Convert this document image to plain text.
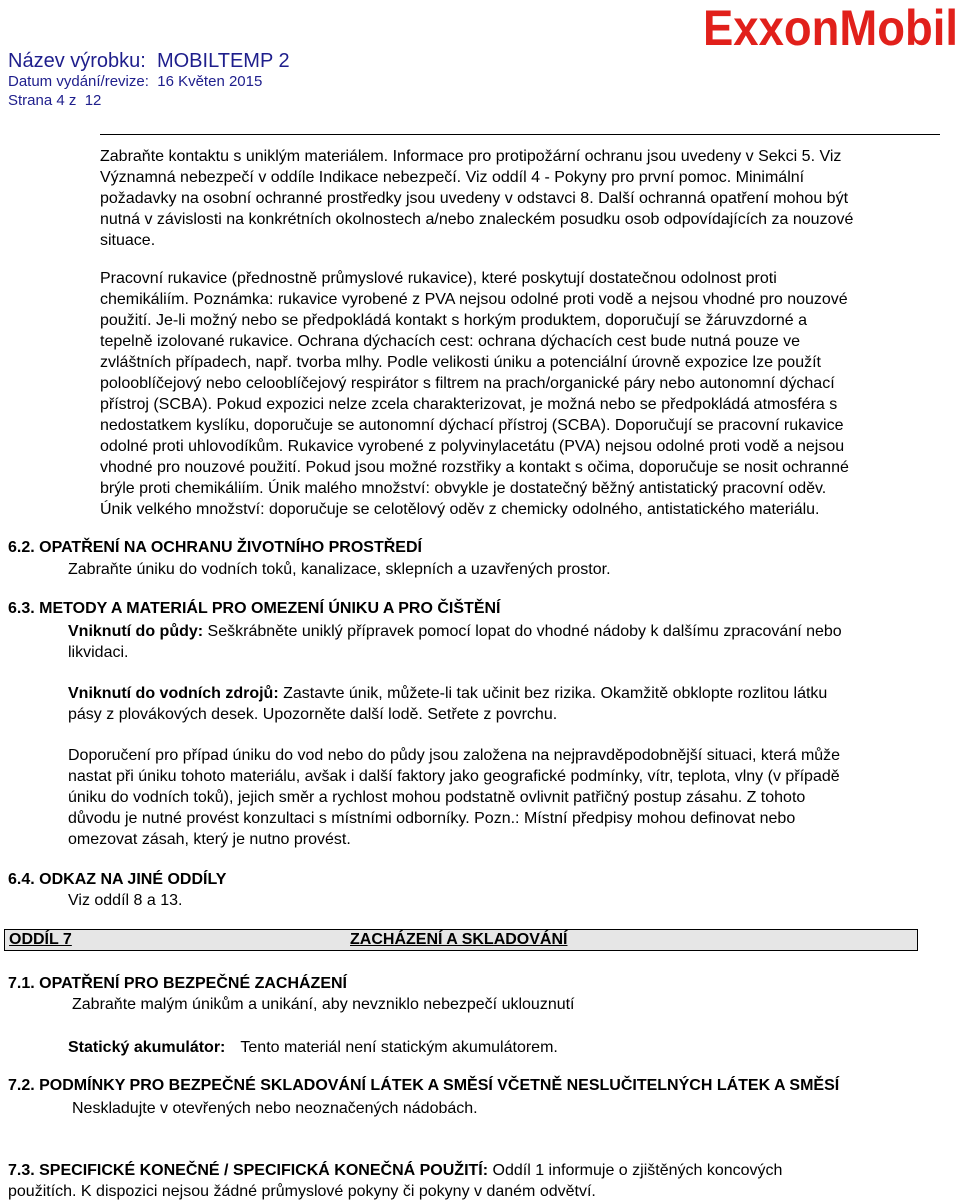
Název výrobku: MOBILTEMP 2
Datum vydání/revize: 16 Květen 2015
Strana 4 z 12
ExxonMobil
Zabraňte kontaktu s uniklým materiálem. Informace pro protipožární ochranu jsou uvedeny v Sekci 5. Viz
Významná nebezpečí v oddíle Indikace nebezpečí. Viz oddíl 4 - Pokyny pro první pomoc. Minimální
požadavky na osobní ochranné prostředky jsou uvedeny v odstavci 8. Další ochranná opatření mohou být
nutná v závislosti na konkrétních okolnostech a/nebo znaleckém posudku osob odpovídajících za nouzové
situace.
Pracovní rukavice (přednostně průmyslové rukavice), které poskytují dostatečnou odolnost proti
chemikáliím. Poznámka: rukavice vyrobené z PVA nejsou odolné proti vodě a nejsou vhodné pro nouzové
použití. Je-li možný nebo se předpokládá kontakt s horkým produktem, doporučují se žáruvzdorné a
tepelně izolované rukavice. Ochrana dýchacích cest: ochrana dýchacích cest bude nutná pouze ve
zvláštních případech, např. tvorba mlhy. Podle velikosti úniku a potenciální úrovně expozice lze použít
polooblíčejový nebo celooblíčejový respirátor s filtrem na prach/organické páry nebo autonomní dýchací
přístroj (SCBA). Pokud expozici nelze zcela charakterizovat, je možná nebo se předpokládá atmosféra s
nedostatkem kyslíku, doporučuje se autonomní dýchací přístroj (SCBA). Doporučují se pracovní rukavice
odolné proti uhlovodíkům. Rukavice vyrobené z polyvinylacetátu (PVA) nejsou odolné proti vodě a nejsou
vhodné pro nouzové použití. Pokud jsou možné rozstřiky a kontakt s očima, doporučuje se nosit ochranné
brýle proti chemikáliím. Únik malého množství: obvykle je dostatečný běžný antistatický pracovní oděv.
Únik velkého množství: doporučuje se celotělový oděv z chemicky odolného, antistatického materiálu.
6.2. OPATŘENÍ NA OCHRANU ŽIVOTNÍHO PROSTŘEDÍ
Zabraňte úniku do vodních toků, kanalizace, sklepních a uzavřených prostor.
6.3. METODY A MATERIÁL PRO OMEZENÍ ÚNIKU A PRO ČIŠTĚNÍ
Vniknutí do půdy: Seškrábněte uniklý přípravek pomocí lopat do vhodné nádoby k dalšímu zpracování nebo
likvidaci.
Vniknutí do vodních zdrojů: Zastavte únik, můžete-li tak učinit bez rizika. Okamžitě obklopte rozlitou látku
pásy z plovákových desek. Upozorněte další lodě. Setřete z povrchu.
Doporučení pro případ úniku do vod nebo do půdy jsou založena na nejpravděpodobnější situaci, která může
nastat při úniku tohoto materiálu, avšak i další faktory jako geografické podmínky, vítr, teplota, vlny (v případě
úniku do vodních toků), jejich směr a rychlost mohou podstatně ovlivnit patřičný postup zásahu. Z tohoto
důvodu je nutné provést konzultaci s místními odborníky. Pozn.: Místní předpisy mohou definovat nebo
omezovat zásah, který je nutno provést.
6.4. ODKAZ NA JINÉ ODDÍLY
Viz oddíl 8 a 13.
ODDÍL 7	ZACHÁZENÍ A SKLADOVÁNÍ
7.1. OPATŘENÍ PRO BEZPEČNÉ ZACHÁZENÍ
Zabraňte malým únikům a unikání, aby nevzniklo nebezpečí uklouznutí
Statický akumulátor: Tento materiál není statickým akumulátorem.
7.2. PODMÍNKY PRO BEZPEČNÉ SKLADOVÁNÍ LÁTEK A SMĚSÍ VČETNĚ NESLUČITELNÝCH LÁTEK A SMĚSÍ
Neskladujte v otevřených nebo neoznačených nádobách.
7.3. SPECIFICKÉ KONEČNÉ / SPECIFICKÁ KONEČNÁ POUŽITÍ: Oddíl 1 informuje o zjištěných koncových
použitích. K dispozici nejsou žádné průmyslové pokyny či pokyny v daném odvětví.
